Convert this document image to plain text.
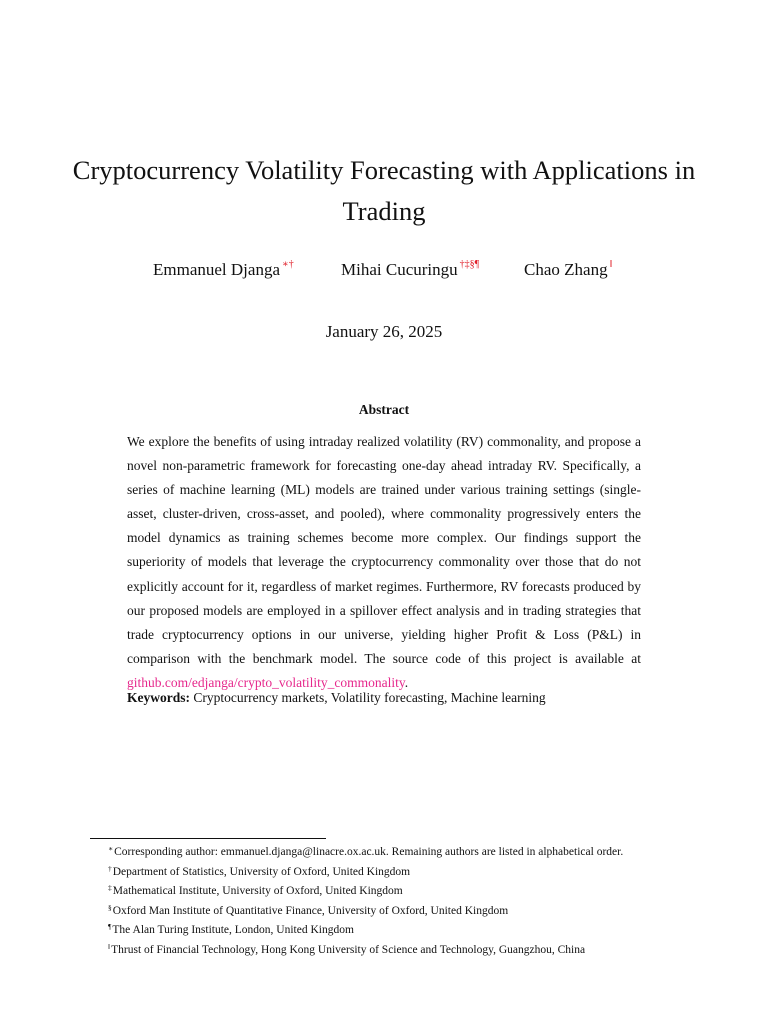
Cryptocurrency Volatility Forecasting with Applications in Trading
Emmanuel Djanga ∗†	Mihai Cucuringu †‡§¶	Chao Zhang ‖
January 26, 2025
Abstract

We explore the benefits of using intraday realized volatility (RV) commonality, and propose a novel non-parametric framework for forecasting one-day ahead intraday RV. Specifically, a series of machine learning (ML) models are trained under various training settings (single-asset, cluster-driven, cross-asset, and pooled), where commonality progressively enters the model dynamics as training schemes become more complex. Our findings support the superiority of models that leverage the cryptocurrency commonality over those that do not explicitly account for it, regardless of market regimes. Furthermore, RV forecasts produced by our proposed models are employed in a spillover effect analysis and in trading strategies that trade cryptocurrency options in our universe, yielding higher Profit & Loss (P&L) in comparison with the benchmark model. The source code of this project is available at github.com/edjanga/crypto_volatility_commonality.

Keywords: Cryptocurrency markets, Volatility forecasting, Machine learning

∗Corresponding author: emmanuel.djanga@linacre.ox.ac.uk. Remaining authors are listed in alphabetical order.
†Department of Statistics, University of Oxford, United Kingdom
‡Mathematical Institute, University of Oxford, United Kingdom
§Oxford Man Institute of Quantitative Finance, University of Oxford, United Kingdom
¶The Alan Turing Institute, London, United Kingdom
‖Thrust of Financial Technology, Hong Kong University of Science and Technology, Guangzhou, China
